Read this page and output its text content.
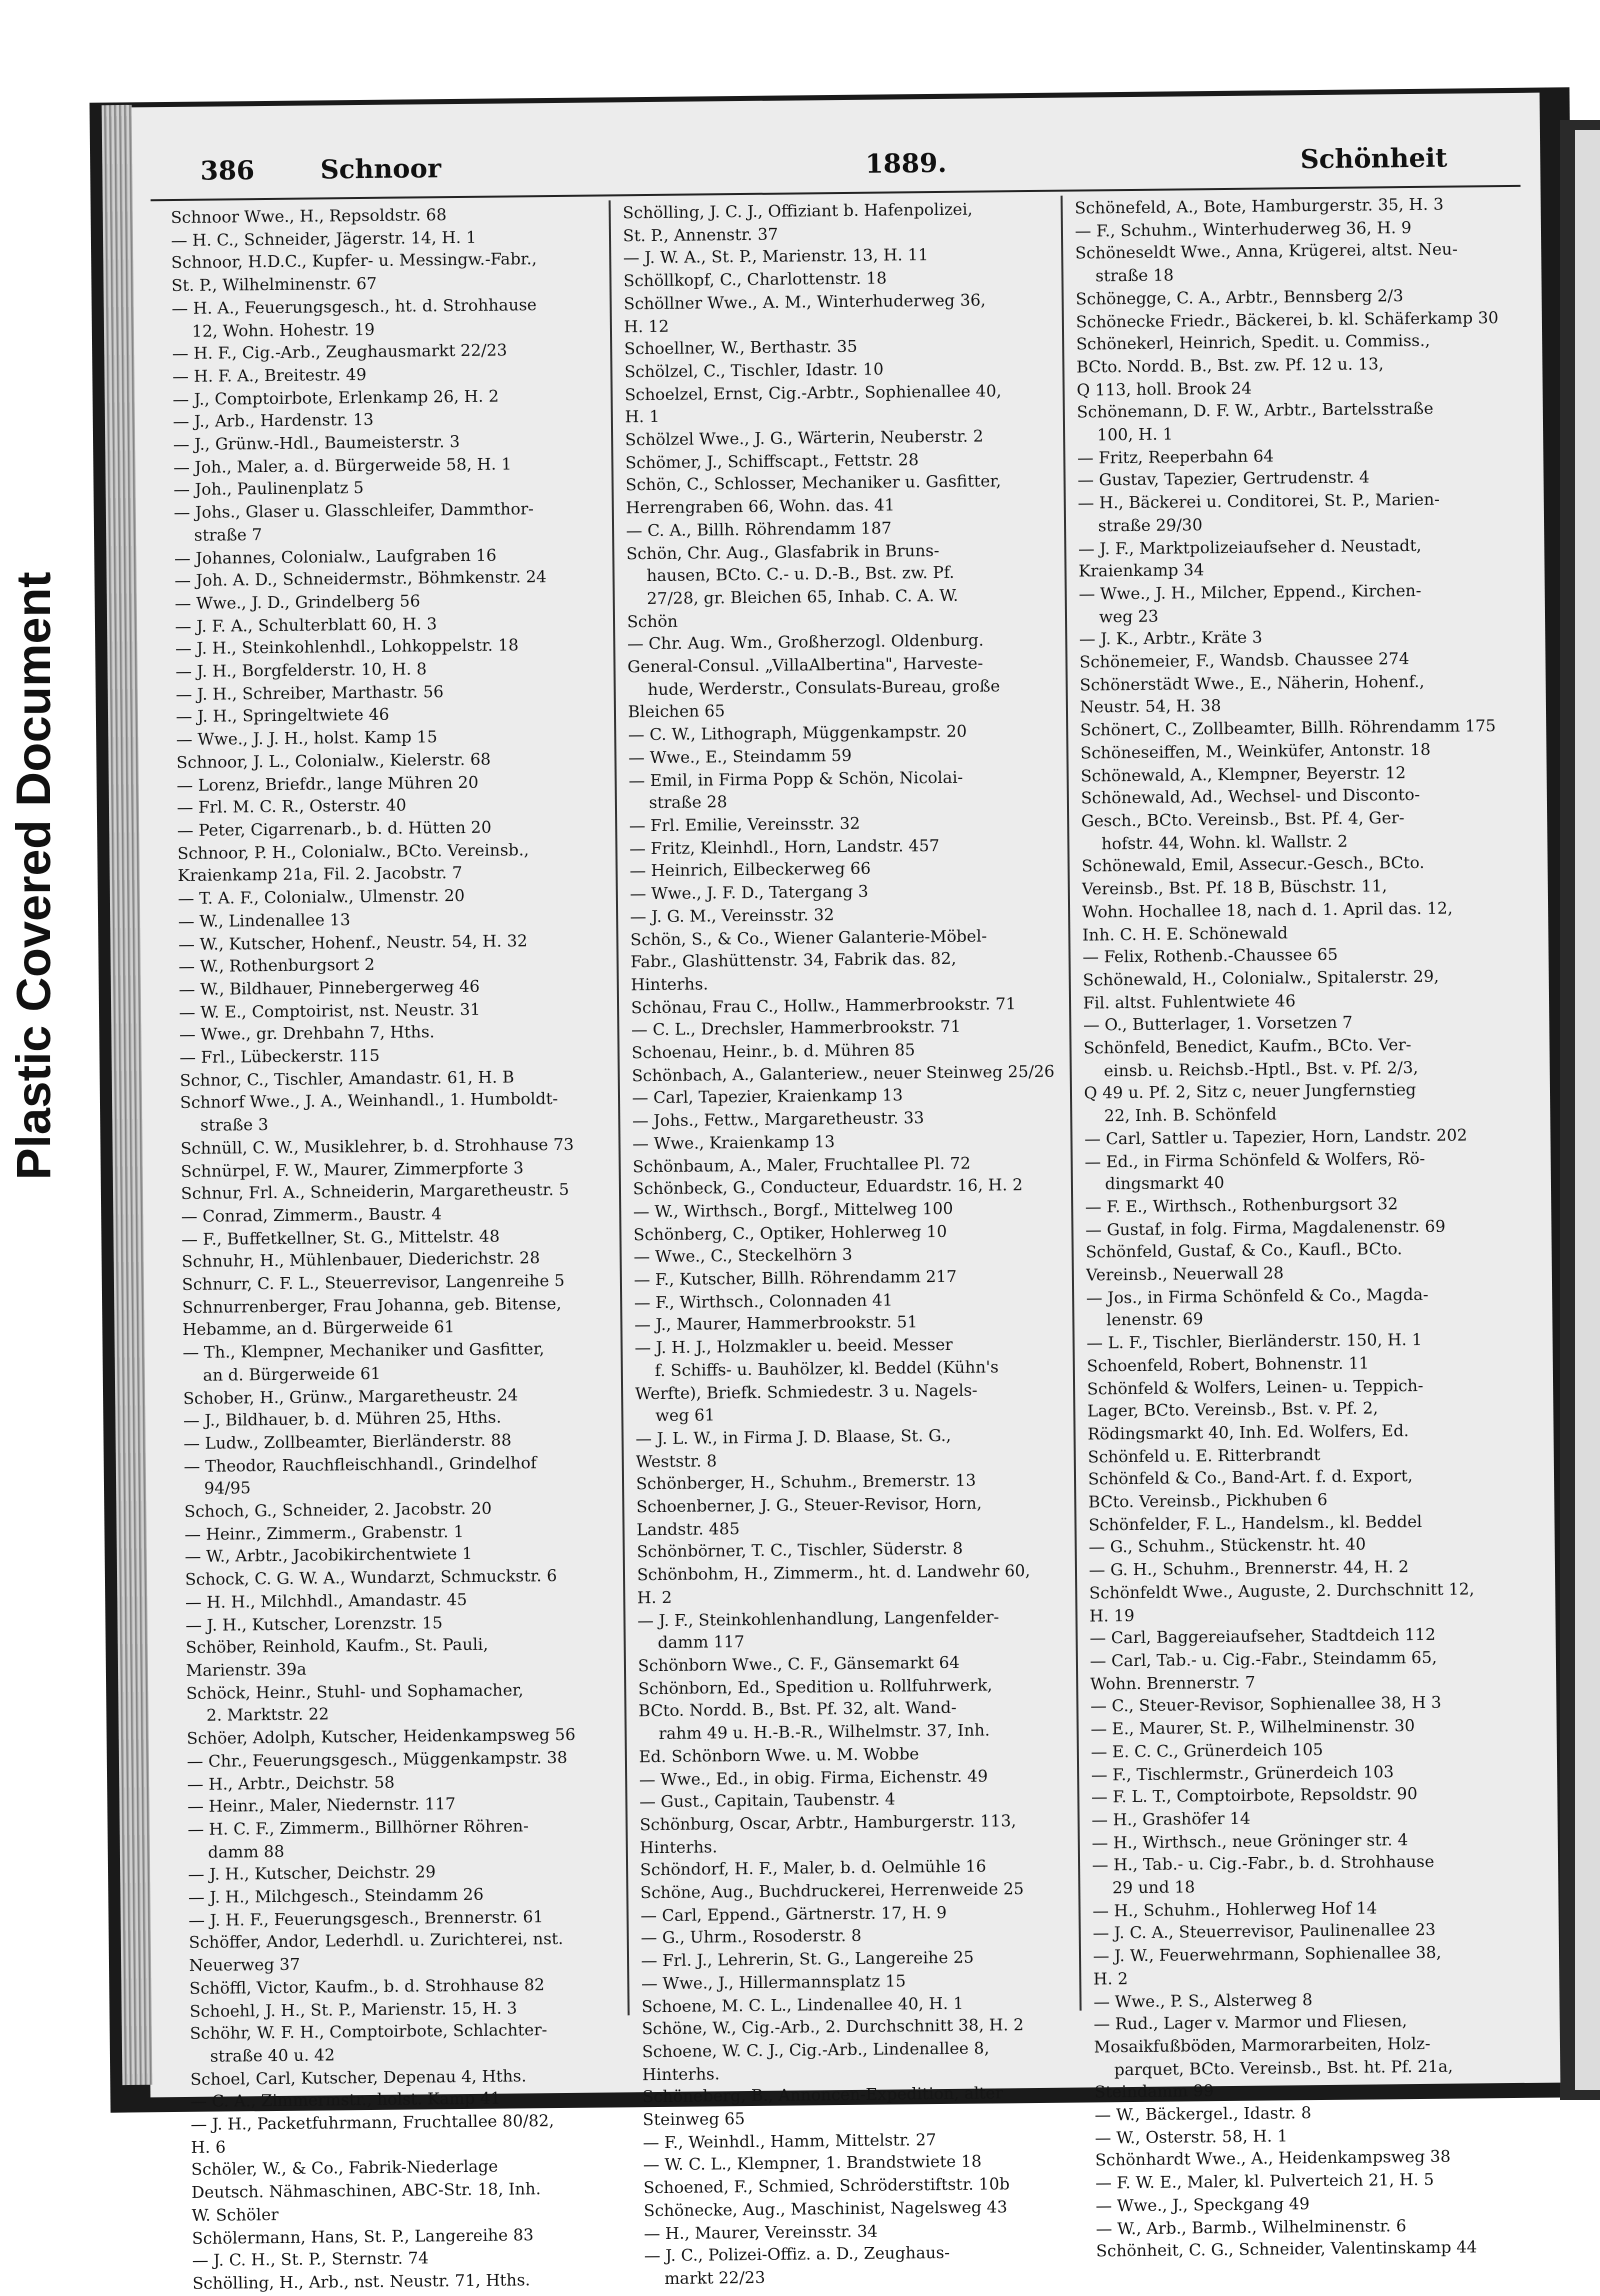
386	Schnoor	1889.	Schönheit
Schnoor Wwe., H., Repsoldstr. 68
— H. C., Schneider, Jägerstr. 14, H. 1
Schnoor, H.D.C., Kupfer- u. Messingw.-Fabr.,
St. P., Wilhelminenstr. 67
— H. A., Feuerungsgesch., ht. d. Strohhause
12, Wohn. Hohestr. 19
— H. F., Cig.-Arb., Zeughausmarkt 22/23
— H. F. A., Breitestr. 49
— J., Comptoirbote, Erlenkamp 26, H. 2
— J., Arb., Hardenstr. 13
— J., Grünw.-Hdl., Baumeisterstr. 3
— Joh., Maler, a. d. Bürgerweide 58, H. 1
— Joh., Paulinenplatz 5
— Johs., Glaser u. Glasschleifer, Dammthor-
straße 7
— Johannes, Colonialw., Laufgraben 16
— Joh. A. D., Schneidermstr., Böhmkenstr. 24
— Wwe., J. D., Grindelberg 56
— J. F. A., Schulterblatt 60, H. 3
— J. H., Steinkohlenhdl., Lohkoppelstr. 18
— J. H., Borgfelderstr. 10, H. 8
— J. H., Schreiber, Marthastr. 56
— J. H., Springeltwiete 46
— Wwe., J. J. H., holst. Kamp 15
Schnoor, J. L., Colonialw., Kielerstr. 68
— Lorenz, Briefdr., lange Mühren 20
— Frl. M. C. R., Osterstr. 40
— Peter, Cigarrenarb., b. d. Hütten 20
Schnoor, P. H., Colonialw., BCto. Vereinsb.,
Kraienkamp 21a, Fil. 2. Jacobstr. 7
— T. A. F., Colonialw., Ulmenstr. 20
— W., Lindenallee 13
— W., Kutscher, Hohenf., Neustr. 54, H. 32
— W., Rothenburgsort 2
— W., Bildhauer, Pinnebergerweg 46
— W. E., Comptoirist, nst. Neustr. 31
— Wwe., gr. Drehbahn 7, Hths.
— Frl., Lübeckerstr. 115
Schnor, C., Tischler, Amandastr. 61, H. B
Schnorf Wwe., J. A., Weinhandl., 1. Humboldt-
straße 3
Schnüll, C. W., Musiklehrer, b. d. Strohhause 73
Schnürpel, F. W., Maurer, Zimmerpforte 3
Schnur, Frl. A., Schneiderin, Margaretheustr. 5
— Conrad, Zimmerm., Baustr. 4
— F., Buffetkellner, St. G., Mittelstr. 48
Schnuhr, H., Mühlenbauer, Diederichstr. 28
Schnurr, C. F. L., Steuerrevisor, Langenreihe 5
Schnurrenberger, Frau Johanna, geb. Bitense,
Hebamme, an d. Bürgerweide 61
— Th., Klempner, Mechaniker und Gasfitter,
an d. Bürgerweide 61
Schober, H., Grünw., Margaretheustr. 24
— J., Bildhauer, b. d. Mühren 25, Hths.
— Ludw., Zollbeamter, Bierländerstr. 88
— Theodor, Rauchfleischhandl., Grindelhof
94/95
Schoch, G., Schneider, 2. Jacobstr. 20
— Heinr., Zimmerm., Grabenstr. 1
— W., Arbtr., Jacobikirchentwiete 1
Schock, C. G. W. A., Wundarzt, Schmuckstr. 6
— H. H., Milchhdl., Amandastr. 45
— J. H., Kutscher, Lorenzstr. 15
Schöber, Reinhold, Kaufm., St. Pauli,
Marienstr. 39a
Schöck, Heinr., Stuhl- und Sophamacher,
2. Marktstr. 22
Schöer, Adolph, Kutscher, Heidenkampsweg 56
— Chr., Feuerungsgesch., Müggenkampstr. 38
— H., Arbtr., Deichstr. 58
— Heinr., Maler, Niedernstr. 117
— H. C. F., Zimmerm., Billhörner Röhren-
damm 88
— J. H., Kutscher, Deichstr. 29
— J. H., Milchgesch., Steindamm 26
— J. H. F., Feuerungsgesch., Brennerstr. 61
Schöffer, Andor, Lederhdl. u. Zurichterei, nst.
Neuerweg 37
Schöffl, Victor, Kaufm., b. d. Strohhause 82
Schoehl, J. H., St. P., Marienstr. 15, H. 3
Schöhr, W. F. H., Comptoirbote, Schlachter-
straße 40 u. 42
Schoel, Carl, Kutscher, Depenau 4, Hths.
— C. A., Zimmermstr., holst. Kamp 41
— J. H., Packetfuhrmann, Fruchtallee 80/82,
H. 6
Schöler, W., & Co., Fabrik-Niederlage
Deutsch. Nähmaschinen, ABC-Str. 18, Inh.
W. Schöler
Schölermann, Hans, St. P., Langereihe 83
— J. C. H., St. P., Sternstr. 74
Schölling, H., Arb., nst. Neustr. 71, Hths.
Schölling, J. C. J., Offiziant b. Hafenpolizei,
St. P., Annenstr. 37
— J. W. A., St. P., Marienstr. 13, H. 11
Schöllkopf, C., Charlottenstr. 18
Schöllner Wwe., A. M., Winterhuderweg 36,
H. 12
Schoellner, W., Berthastr. 35
Schölzel, C., Tischler, Idastr. 10
Schoelzel, Ernst, Cig.-Arbtr., Sophienallee 40,
H. 1
Schölzel Wwe., J. G., Wärterin, Neuberstr. 2
Schömer, J., Schiffscapt., Fettstr. 28
Schön, C., Schlosser, Mechaniker u. Gasfitter,
Herrengraben 66, Wohn. das. 41
— C. A., Billh. Röhrendamm 187
Schön, Chr. Aug., Glasfabrik in Bruns-
hausen, BCto. C.- u. D.-B., Bst. zw. Pf.
27/28, gr. Bleichen 65, Inhab. C. A. W.
Schön
— Chr. Aug. Wm., Großherzogl. Oldenburg.
General-Consul. „VillaAlbertina", Harveste-
hude, Werderstr., Consulats-Bureau, große
Bleichen 65
— C. W., Lithograph, Müggenkampstr. 20
— Wwe., E., Steindamm 59
— Emil, in Firma Popp & Schön, Nicolai-
straße 28
— Frl. Emilie, Vereinsstr. 32
— Fritz, Kleinhdl., Horn, Landstr. 457
— Heinrich, Eilbeckerweg 66
— Wwe., J. F. D., Tatergang 3
— J. G. M., Vereinsstr. 32
Schön, S., & Co., Wiener Galanterie-Möbel-
Fabr., Glashüttenstr. 34, Fabrik das. 82,
Hinterhs.
Schönau, Frau C., Hollw., Hammerbrookstr. 71
— C. L., Drechsler, Hammerbrookstr. 71
Schoenau, Heinr., b. d. Mühren 85
Schönbach, A., Galanteriew., neuer Steinweg 25/26
— Carl, Tapezier, Kraienkamp 13
— Johs., Fettw., Margaretheustr. 33
— Wwe., Kraienkamp 13
Schönbaum, A., Maler, Fruchtallee Pl. 72
Schönbeck, G., Conducteur, Eduardstr. 16, H. 2
— W., Wirthsch., Borgf., Mittelweg 100
Schönberg, C., Optiker, Hohlerweg 10
— Wwe., C., Steckelhörn 3
— F., Kutscher, Billh. Röhrendamm 217
— F., Wirthsch., Colonnaden 41
— J., Maurer, Hammerbrookstr. 51
— J. H. J., Holzmakler u. beeid. Messer
f. Schiffs- u. Bauhölzer, kl. Beddel (Kühn's
Werfte), Briefk. Schmiedestr. 3 u. Nagels-
weg 61
— J. L. W., in Firma J. D. Blaase, St. G.,
Weststr. 8
Schönberger, H., Schuhm., Bremerstr. 13
Schoenberner, J. G., Steuer-Revisor, Horn,
Landstr. 485
Schönbörner, T. C., Tischler, Süderstr. 8
Schönbohm, H., Zimmerm., ht. d. Landwehr 60,
H. 2
— J. F., Steinkohlenhandlung, Langenfelder-
damm 117
Schönborn Wwe., C. F., Gänsemarkt 64
Schönborn, Ed., Spedition u. Rollfuhrwerk,
BCto. Nordd. B., Bst. Pf. 32, alt. Wand-
rahm 49 u. H.-B.-R., Wilhelmstr. 37, Inh.
Ed. Schönborn Wwe. u. M. Wobbe
— Wwe., Ed., in obig. Firma, Eichenstr. 49
— Gust., Capitain, Taubenstr. 4
Schönburg, Oscar, Arbtr., Hamburgerstr. 113,
Hinterhs.
Schöndorf, H. F., Maler, b. d. Oelmühle 16
Schöne, Aug., Buchdruckerei, Herrenweide 25
— Carl, Eppend., Gärtnerstr. 17, H. 9
— G., Uhrm., Rosoderstr. 8
— Frl. J., Lehrerin, St. G., Langereihe 25
— Wwe., J., Hillermannsplatz 15
Schoene, M. C. L., Lindenallee 40, H. 1
Schöne, W., Cig.-Arb., 2. Durchschnitt 38, H. 2
Schoene, W. C. J., Cig.-Arb., Lindenallee 8,
Hinterhs.
Schöneberg, B., Annoncen-Expedition, alter
Steinweg 65
— F., Weinhdl., Hamm, Mittelstr. 27
— W. C. L., Klempner, 1. Brandstwiete 18
Schoened, F., Schmied, Schröderstiftstr. 10b
Schönecke, Aug., Maschinist, Nagelsweg 43
— H., Maurer, Vereinsstr. 34
— J. C., Polizei-Offiz. a. D., Zeughaus-
markt 22/23
Schönefeld, A., Bote, Hamburgerstr. 35, H. 3
— F., Schuhm., Winterhuderweg 36, H. 9
Schöneseldt Wwe., Anna, Krügerei, altst. Neu-
straße 18
Schönegge, C. A., Arbtr., Bennsberg 2/3
Schönecke Friedr., Bäckerei, b. kl. Schäferkamp 30
Schönekerl, Heinrich, Spedit. u. Commiss.,
BCto. Nordd. B., Bst. zw. Pf. 12 u. 13,
Q 113, holl. Brook 24
Schönemann, D. F. W., Arbtr., Bartelsstraße
100, H. 1
— Fritz, Reeperbahn 64
— Gustav, Tapezier, Gertrudenstr. 4
— H., Bäckerei u. Conditorei, St. P., Marien-
straße 29/30
— J. F., Marktpolizeiaufseher d. Neustadt,
Kraienkamp 34
— Wwe., J. H., Milcher, Eppend., Kirchen-
weg 23
— J. K., Arbtr., Kräte 3
Schönemeier, F., Wandsb. Chaussee 274
Schönerstädt Wwe., E., Näherin, Hohenf.,
Neustr. 54, H. 38
Schönert, C., Zollbeamter, Billh. Röhrendamm 175
Schöneseiffen, M., Weinküfer, Antonstr. 18
Schönewald, A., Klempner, Beyerstr. 12
Schönewald, Ad., Wechsel- und Disconto-
Gesch., BCto. Vereinsb., Bst. Pf. 4, Ger-
hofstr. 44, Wohn. kl. Wallstr. 2
Schönewald, Emil, Assecur.-Gesch., BCto.
Vereinsb., Bst. Pf. 18 B, Büschstr. 11,
Wohn. Hochallee 18, nach d. 1. April das. 12,
Inh. C. H. E. Schönewald
— Felix, Rothenb.-Chaussee 65
Schönewald, H., Colonialw., Spitalerstr. 29,
Fil. altst. Fuhlentwiete 46
— O., Butterlager, 1. Vorsetzen 7
Schönfeld, Benedict, Kaufm., BCto. Ver-
einsb. u. Reichsb.-Hptl., Bst. v. Pf. 2/3,
Q 49 u. Pf. 2, Sitz c, neuer Jungfernstieg
22, Inh. B. Schönfeld
— Carl, Sattler u. Tapezier, Horn, Landstr. 202
— Ed., in Firma Schönfeld & Wolfers, Rö-
dingsmarkt 40
— F. E., Wirthsch., Rothenburgsort 32
— Gustaf, in folg. Firma, Magdalenenstr. 69
Schönfeld, Gustaf, & Co., Kaufl., BCto.
Vereinsb., Neuerwall 28
— Jos., in Firma Schönfeld & Co., Magda-
lenenstr. 69
— L. F., Tischler, Bierländerstr. 150, H. 1
Schoenfeld, Robert, Bohnenstr. 11
Schönfeld & Wolfers, Leinen- u. Teppich-
Lager, BCto. Vereinsb., Bst. v. Pf. 2,
Rödingsmarkt 40, Inh. Ed. Wolfers, Ed.
Schönfeld u. E. Ritterbrandt
Schönfeld & Co., Band-Art. f. d. Export,
BCto. Vereinsb., Pickhuben 6
Schönfelder, F. L., Handelsm., kl. Beddel
— G., Schuhm., Stückenstr. ht. 40
— G. H., Schuhm., Brennerstr. 44, H. 2
Schönfeldt Wwe., Auguste, 2. Durchschnitt 12,
H. 19
— Carl, Baggereiaufseher, Stadtdeich 112
— Carl, Tab.- u. Cig.-Fabr., Steindamm 65,
Wohn. Brennerstr. 7
— C., Steuer-Revisor, Sophienallee 38, H 3
— E., Maurer, St. P., Wilhelminenstr. 30
— E. C. C., Grünerdeich 105
— F., Tischlermstr., Grünerdeich 103
— F. L. T., Comptoirbote, Repsoldstr. 90
— H., Grashöfer 14
— H., Wirthsch., neue Gröninger str. 4
— H., Tab.- u. Cig.-Fabr., b. d. Strohhause
29 und 18
— H., Schuhm., Hohlerweg Hof 14
— J. C. A., Steuerrevisor, Paulinenallee 23
— J. W., Feuerwehrmann, Sophienallee 38,
H. 2
— Wwe., P. S., Alsterweg 8
— Rud., Lager v. Marmor und Fliesen,
Mosaikfußböden, Marmorarbeiten, Holz-
parquet, BCto. Vereinsb., Bst. ht. Pf. 21a,
Steindamm 99
— W., Bäckergel., Idastr. 8
— W., Osterstr. 58, H. 1
Schönhardt Wwe., A., Heidenkampsweg 38
— F. W. E., Maler, kl. Pulverteich 21, H. 5
— Wwe., J., Speckgang 49
— W., Arb., Barmb., Wilhelminenstr. 6
Schönheit, C. G., Schneider, Valentinskamp 44
Plastic Covered Document
